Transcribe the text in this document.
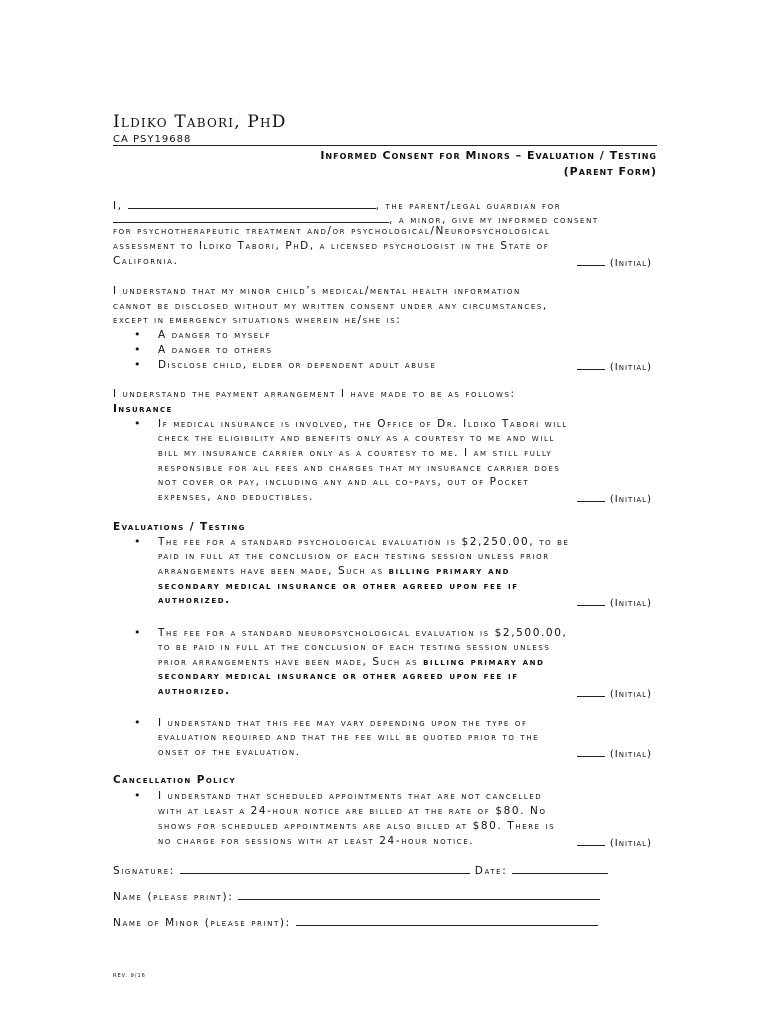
Ildiko Tabori, PhD
CA PSY19688
Informed Consent for Minors – Evaluation / Testing
(Parent Form)
I,	, the parent/legal guardian for
, a minor, give my informed consent
for psychotherapeutic treatment and/or psychological/Neuropsychological
assessment to Ildiko Tabori, PhD, a licensed psychologist in the State of
California.	(Initial)
I understand that my minor child’s medical/mental health information
cannot be disclosed without my written consent under any circumstances,
except in emergency situations wherein he/she is:
• A danger to myself
• A danger to others
• Disclose child, elder or dependent adult abuse	(Initial)
I understand the payment arrangement I have made to be as follows:
Insurance
• If medical insurance is involved, the Office of Dr. Ildiko Tabori will
check the eligibility and benefits only as a courtesy to me and will
bill my insurance carrier only as a courtesy to me. I am still fully
responsible for all fees and charges that my insurance carrier does
not cover or pay, including any and all co-pays, out of Pocket
expenses, and deductibles.	(Initial)
Evaluations / Testing
• The fee for a standard psychological evaluation is $2,250.00, to be
paid in full at the conclusion of each testing session unless prior
arrangements have been made, Such as billing primary and
secondary medical insurance or other agreed upon fee if
authorized.	(Initial)
• The fee for a standard neuropsychological evaluation is $2,500.00,
to be paid in full at the conclusion of each testing session unless
prior arrangements have been made, Such as billing primary and
secondary medical insurance or other agreed upon fee if
authorized.	(Initial)
• I understand that this fee may vary depending upon the type of
evaluation required and that the fee will be quoted prior to the
onset of the evaluation.	(Initial)
Cancellation Policy
• I understand that scheduled appointments that are not cancelled
with at least a 24-hour notice are billed at the rate of $80. No
shows for scheduled appointments are also billed at $80. There is
no charge for sessions with at least 24-hour notice.	(Initial)
Signature:	Date:
Name (please print):
Name of Minor (please print):
REV. 9/16
